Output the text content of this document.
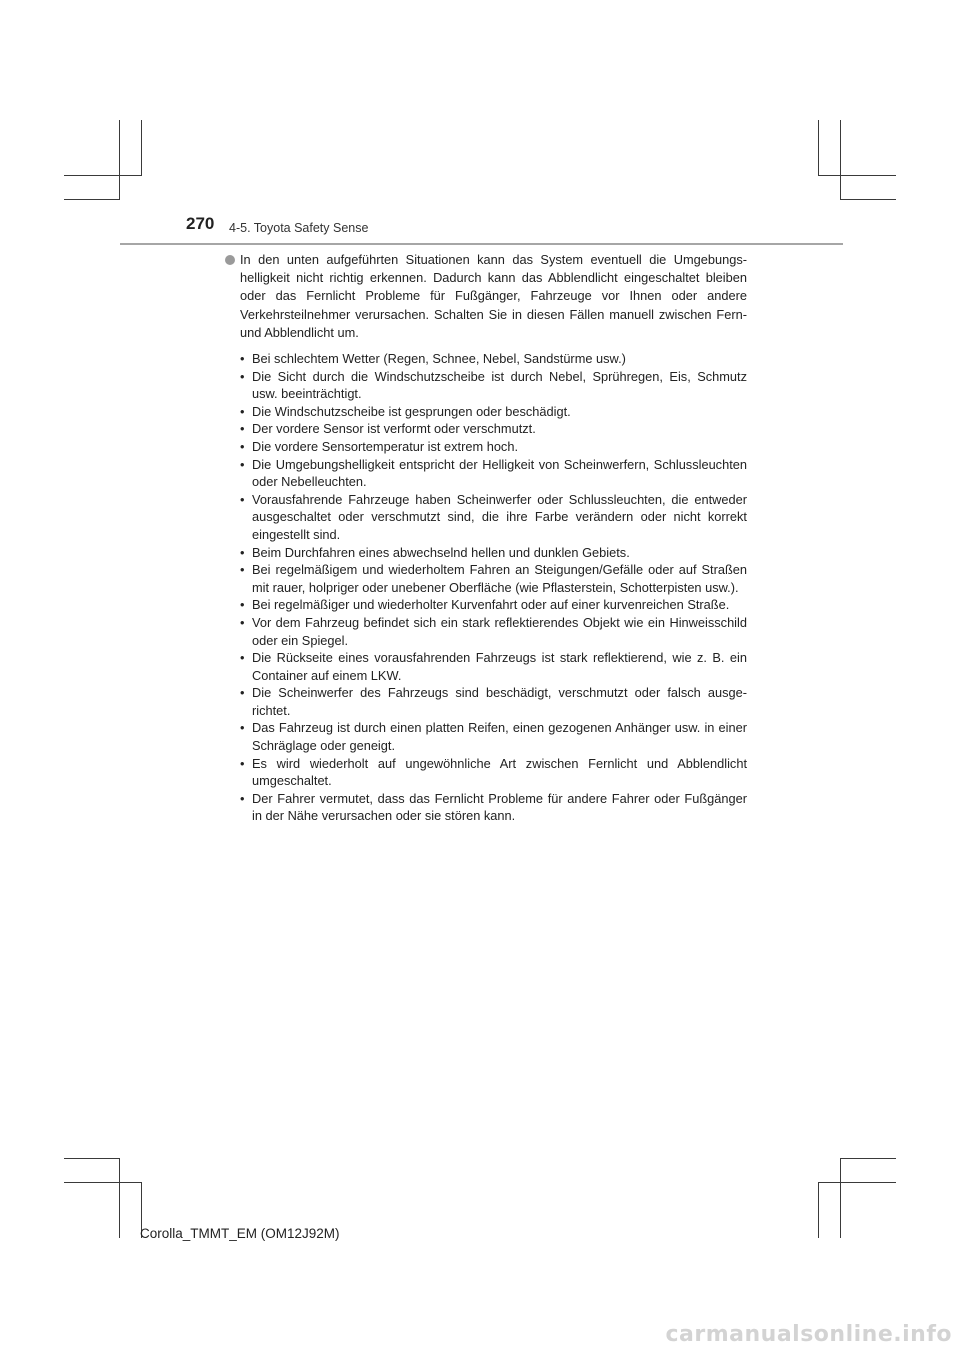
270 4-5. Toyota Safety Sense
In den unten aufgeführten Situationen kann das System eventuell die Umgebungshelligkeit nicht richtig erkennen. Dadurch kann das Abblendlicht eingeschaltet bleiben oder das Fernlicht Probleme für Fußgänger, Fahrzeuge vor Ihnen oder andere Verkehrsteilnehmer verursachen. Schalten Sie in diesen Fällen manuell zwischen Fern- und Abblendlicht um.
• Bei schlechtem Wetter (Regen, Schnee, Nebel, Sandstürme usw.)
• Die Sicht durch die Windschutzscheibe ist durch Nebel, Sprühregen, Eis, Schmutz usw. beeinträchtigt.
• Die Windschutzscheibe ist gesprungen oder beschädigt.
• Der vordere Sensor ist verformt oder verschmutzt.
• Die vordere Sensortemperatur ist extrem hoch.
• Die Umgebungshelligkeit entspricht der Helligkeit von Scheinwerfern, Schlussleuchten oder Nebelleuchten.
• Vorausfahrende Fahrzeuge haben Scheinwerfer oder Schlussleuchten, die entweder ausgeschaltet oder verschmutzt sind, die ihre Farbe verändern oder nicht korrekt eingestellt sind.
• Beim Durchfahren eines abwechselnd hellen und dunklen Gebiets.
• Bei regelmäßigem und wiederholtem Fahren an Steigungen/Gefälle oder auf Straßen mit rauer, holpriger oder unebener Oberfläche (wie Pflasterstein, Schotterpisten usw.).
• Bei regelmäßiger und wiederholter Kurvenfahrt oder auf einer kurvenreichen Straße.
• Vor dem Fahrzeug befindet sich ein stark reflektierendes Objekt wie ein Hinweisschild oder ein Spiegel.
• Die Rückseite eines vorausfahrenden Fahrzeugs ist stark reflektierend, wie z. B. ein Container auf einem LKW.
• Die Scheinwerfer des Fahrzeugs sind beschädigt, verschmutzt oder falsch ausgerichtet.
• Das Fahrzeug ist durch einen platten Reifen, einen gezogenen Anhänger usw. in einer Schräglage oder geneigt.
• Es wird wiederholt auf ungewöhnliche Art zwischen Fernlicht und Abblendlicht umgeschaltet.
• Der Fahrer vermutet, dass das Fernlicht Probleme für andere Fahrer oder Fußgänger in der Nähe verursachen oder sie stören kann.
Corolla_TMMT_EM (OM12J92M)
carmanualsonline.info
